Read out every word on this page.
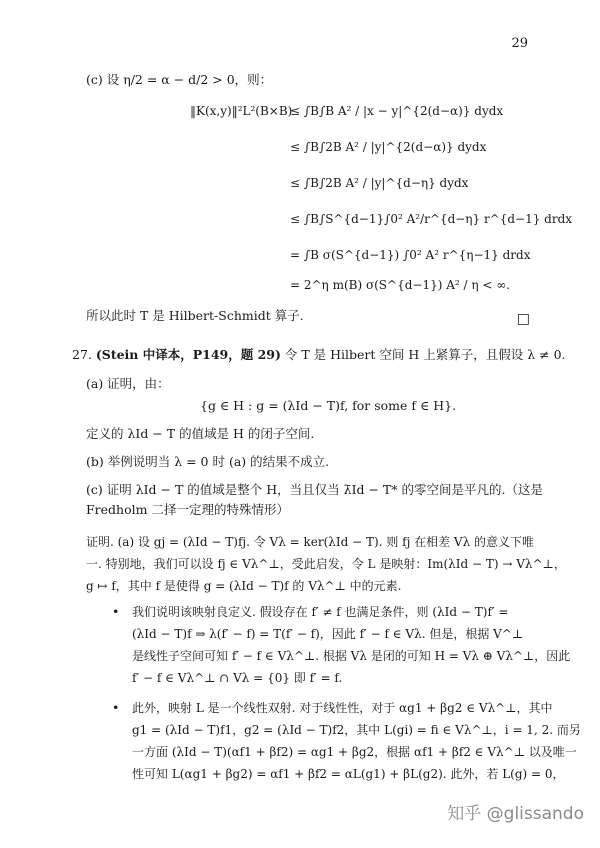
29
(c) 设 η/2 = α − d/2 > 0，则：
‖K(x,y)‖²L²(B×B)
≤ ∫B∫B A² / |x − y|^{2(d−α)} dydx
≤ ∫B∫2B A² / |y|^{2(d−α)} dydx
≤ ∫B∫2B A² / |y|^{d−η} dydx
≤ ∫B∫S^{d−1}∫0² A²/r^{d−η} r^{d−1} drdx
= ∫B σ(S^{d−1}) ∫0² A² r^{η−1} drdx
= 2^η m(B) σ(S^{d−1}) A² / η < ∞.
所以此时 T 是 Hilbert-Schmidt 算子.	□
27. (Stein 中译本，P149，题 29) 令 T 是 Hilbert 空间 H 上紧算子，且假设 λ ≠ 0.
(a) 证明，由：
{g ∈ H : g = (λId − T)f, for some f ∈ H}.
定义的 λId − T 的值域是 H 的闭子空间.
(b) 举例说明当 λ = 0 时 (a) 的结果不成立.
(c) 证明 λId − T 的值域是整个 H，当且仅当 λ̄Id − T* 的零空间是平凡的.（这是
Fredholm 二择一定理的特殊情形）
证明. (a) 设 gj = (λId − T)fj. 令 Vλ = ker(λId − T). 则 fj 在相差 Vλ 的意义下唯
一. 特别地，我们可以设 fj ∈ Vλ^⊥，受此启发，令 L 是映射：Im(λId − T) → Vλ^⊥，
g ↦ f，其中 f 是使得 g = (λId − T)f 的 Vλ^⊥ 中的元素.
• 我们说明该映射良定义. 假设存在 f′ ≠ f 也满足条件，则 (λId − T)f′ =
(λId − T)f ⇒ λ(f′ − f) = T(f′ − f)，因此 f′ − f ∈ Vλ. 但是，根据 V^⊥
是线性子空间可知 f′ − f ∈ Vλ^⊥. 根据 Vλ 是闭的可知 H = Vλ ⊕ Vλ^⊥，因此
f′ − f ∈ Vλ^⊥ ∩ Vλ = {0} 即 f′ = f.
• 此外，映射 L 是一个线性双射. 对于线性性，对于 αg1 + βg2 ∈ Vλ^⊥，其中
g1 = (λId − T)f1，g2 = (λId − T)f2，其中 L(gi) = fi ∈ Vλ^⊥，i = 1, 2. 而另
一方面 (λId − T)(αf1 + βf2) = αg1 + βg2，根据 αf1 + βf2 ∈ Vλ^⊥ 以及唯一
性可知 L(αg1 + βg2) = αf1 + βf2 = αL(g1) + βL(g2). 此外，若 L(g) = 0，
知乎 @glissando
